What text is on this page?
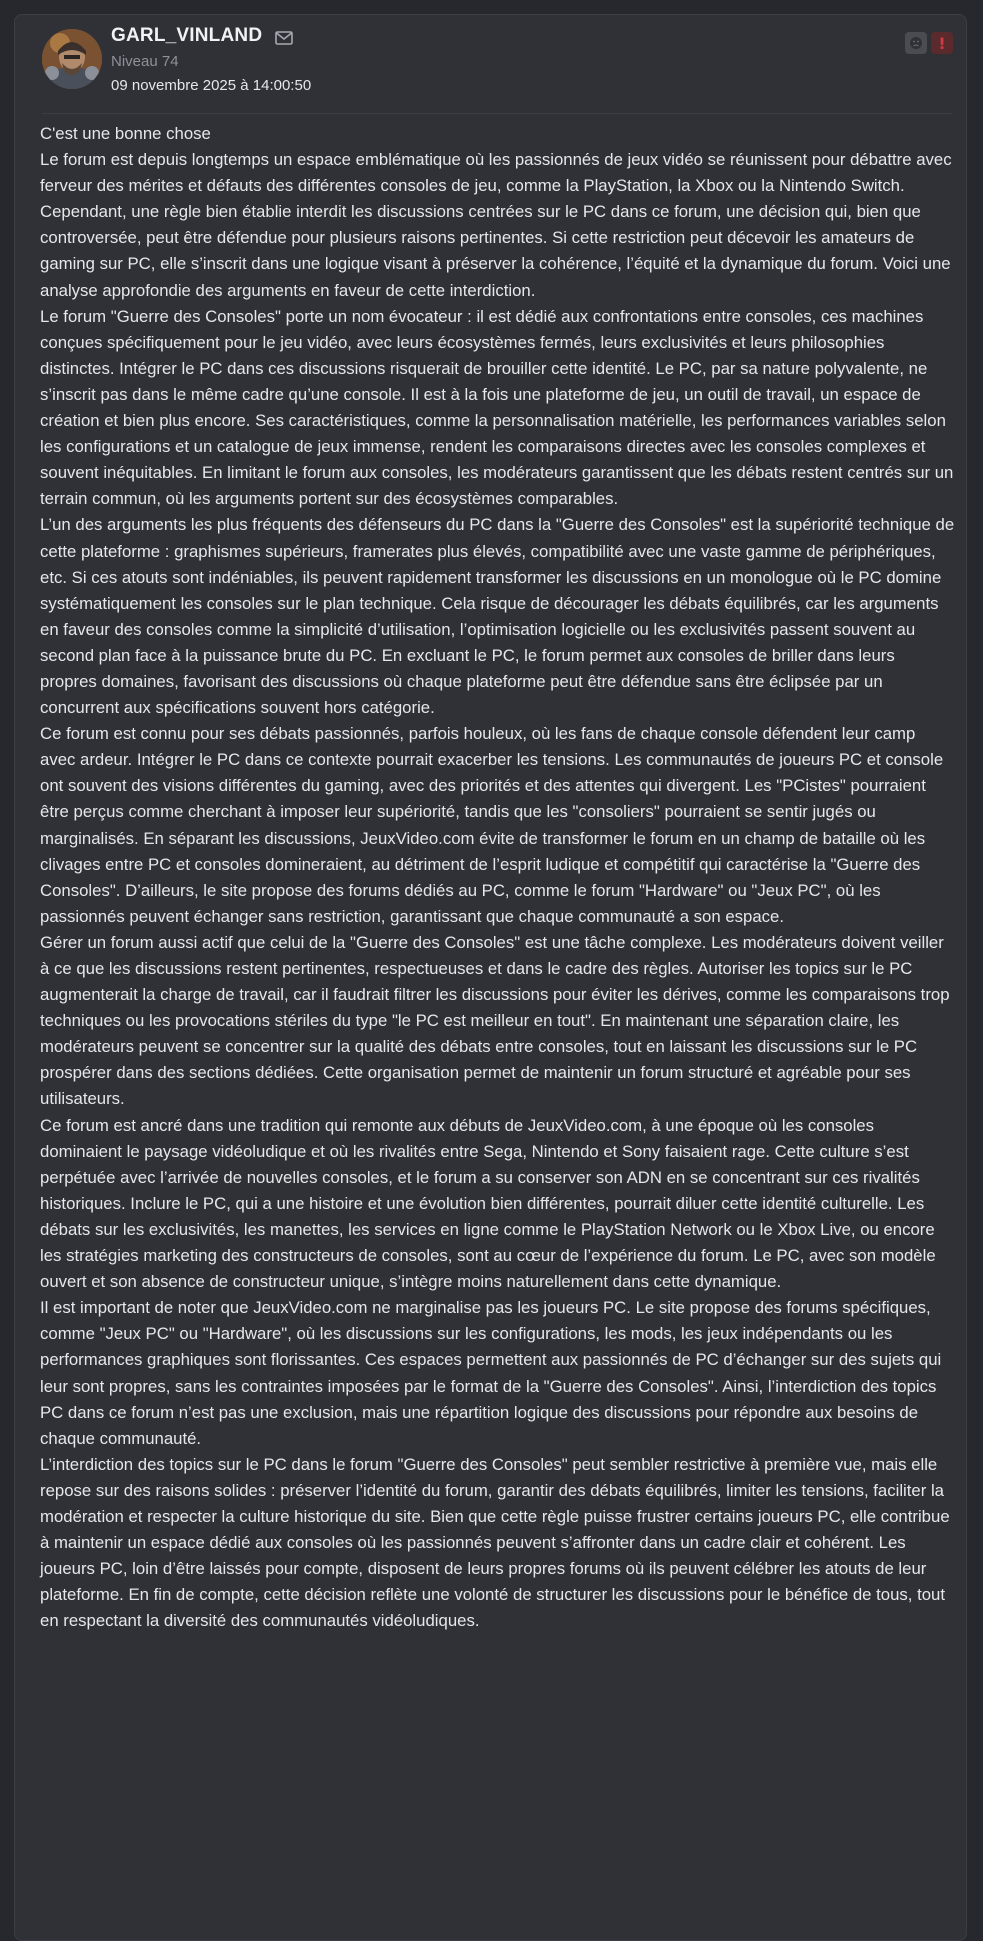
GARL_VINLAND
Niveau 74
09 novembre 2025 à 14:00:50
!

C'est une bonne chose

Le forum est depuis longtemps un espace emblématique où les passionnés de jeux vidéo se réunissent pour débattre avec ferveur des mérites et défauts des différentes consoles de jeu, comme la PlayStation, la Xbox ou la Nintendo Switch. Cependant, une règle bien établie interdit les discussions centrées sur le PC dans ce forum, une décision qui, bien que controversée, peut être défendue pour plusieurs raisons pertinentes. Si cette restriction peut décevoir les amateurs de gaming sur PC, elle s’inscrit dans une logique visant à préserver la cohérence, l’équité et la dynamique du forum. Voici une analyse approfondie des arguments en faveur de cette interdiction.

Le forum "Guerre des Consoles" porte un nom évocateur : il est dédié aux confrontations entre consoles, ces machines conçues spécifiquement pour le jeu vidéo, avec leurs écosystèmes fermés, leurs exclusivités et leurs philosophies distinctes. Intégrer le PC dans ces discussions risquerait de brouiller cette identité. Le PC, par sa nature polyvalente, ne s’inscrit pas dans le même cadre qu’une console. Il est à la fois une plateforme de jeu, un outil de travail, un espace de création et bien plus encore. Ses caractéristiques, comme la personnalisation matérielle, les performances variables selon les configurations et un catalogue de jeux immense, rendent les comparaisons directes avec les consoles complexes et souvent inéquitables. En limitant le forum aux consoles, les modérateurs garantissent que les débats restent centrés sur un terrain commun, où les arguments portent sur des écosystèmes comparables.

L’un des arguments les plus fréquents des défenseurs du PC dans la "Guerre des Consoles" est la supériorité technique de cette plateforme : graphismes supérieurs, framerates plus élevés, compatibilité avec une vaste gamme de périphériques, etc. Si ces atouts sont indéniables, ils peuvent rapidement transformer les discussions en un monologue où le PC domine systématiquement les consoles sur le plan technique. Cela risque de décourager les débats équilibrés, car les arguments en faveur des consoles comme la simplicité d’utilisation, l’optimisation logicielle ou les exclusivités passent souvent au second plan face à la puissance brute du PC. En excluant le PC, le forum permet aux consoles de briller dans leurs propres domaines, favorisant des discussions où chaque plateforme peut être défendue sans être éclipsée par un concurrent aux spécifications souvent hors catégorie.

Ce forum est connu pour ses débats passionnés, parfois houleux, où les fans de chaque console défendent leur camp avec ardeur. Intégrer le PC dans ce contexte pourrait exacerber les tensions. Les communautés de joueurs PC et console ont souvent des visions différentes du gaming, avec des priorités et des attentes qui divergent. Les "PCistes" pourraient être perçus comme cherchant à imposer leur supériorité, tandis que les "consoliers" pourraient se sentir jugés ou marginalisés. En séparant les discussions, JeuxVideo.com évite de transformer le forum en un champ de bataille où les clivages entre PC et consoles domineraient, au détriment de l’esprit ludique et compétitif qui caractérise la "Guerre des Consoles". D’ailleurs, le site propose des forums dédiés au PC, comme le forum "Hardware" ou "Jeux PC", où les passionnés peuvent échanger sans restriction, garantissant que chaque communauté a son espace.

Gérer un forum aussi actif que celui de la "Guerre des Consoles" est une tâche complexe. Les modérateurs doivent veiller à ce que les discussions restent pertinentes, respectueuses et dans le cadre des règles. Autoriser les topics sur le PC augmenterait la charge de travail, car il faudrait filtrer les discussions pour éviter les dérives, comme les comparaisons trop techniques ou les provocations stériles du type "le PC est meilleur en tout". En maintenant une séparation claire, les modérateurs peuvent se concentrer sur la qualité des débats entre consoles, tout en laissant les discussions sur le PC prospérer dans des sections dédiées. Cette organisation permet de maintenir un forum structuré et agréable pour ses utilisateurs.

Ce forum est ancré dans une tradition qui remonte aux débuts de JeuxVideo.com, à une époque où les consoles dominaient le paysage vidéoludique et où les rivalités entre Sega, Nintendo et Sony faisaient rage. Cette culture s’est perpétuée avec l’arrivée de nouvelles consoles, et le forum a su conserver son ADN en se concentrant sur ces rivalités historiques. Inclure le PC, qui a une histoire et une évolution bien différentes, pourrait diluer cette identité culturelle. Les débats sur les exclusivités, les manettes, les services en ligne comme le PlayStation Network ou le Xbox Live, ou encore les stratégies marketing des constructeurs de consoles, sont au cœur de l’expérience du forum. Le PC, avec son modèle ouvert et son absence de constructeur unique, s’intègre moins naturellement dans cette dynamique.

Il est important de noter que JeuxVideo.com ne marginalise pas les joueurs PC. Le site propose des forums spécifiques, comme "Jeux PC" ou "Hardware", où les discussions sur les configurations, les mods, les jeux indépendants ou les performances graphiques sont florissantes. Ces espaces permettent aux passionnés de PC d’échanger sur des sujets qui leur sont propres, sans les contraintes imposées par le format de la "Guerre des Consoles". Ainsi, l’interdiction des topics PC dans ce forum n’est pas une exclusion, mais une répartition logique des discussions pour répondre aux besoins de chaque communauté.

L’interdiction des topics sur le PC dans le forum "Guerre des Consoles" peut sembler restrictive à première vue, mais elle repose sur des raisons solides : préserver l’identité du forum, garantir des débats équilibrés, limiter les tensions, faciliter la modération et respecter la culture historique du site. Bien que cette règle puisse frustrer certains joueurs PC, elle contribue à maintenir un espace dédié aux consoles où les passionnés peuvent s’affronter dans un cadre clair et cohérent. Les joueurs PC, loin d’être laissés pour compte, disposent de leurs propres forums où ils peuvent célébrer les atouts de leur plateforme. En fin de compte, cette décision reflète une volonté de structurer les discussions pour le bénéfice de tous, tout en respectant la diversité des communautés vidéoludiques.
